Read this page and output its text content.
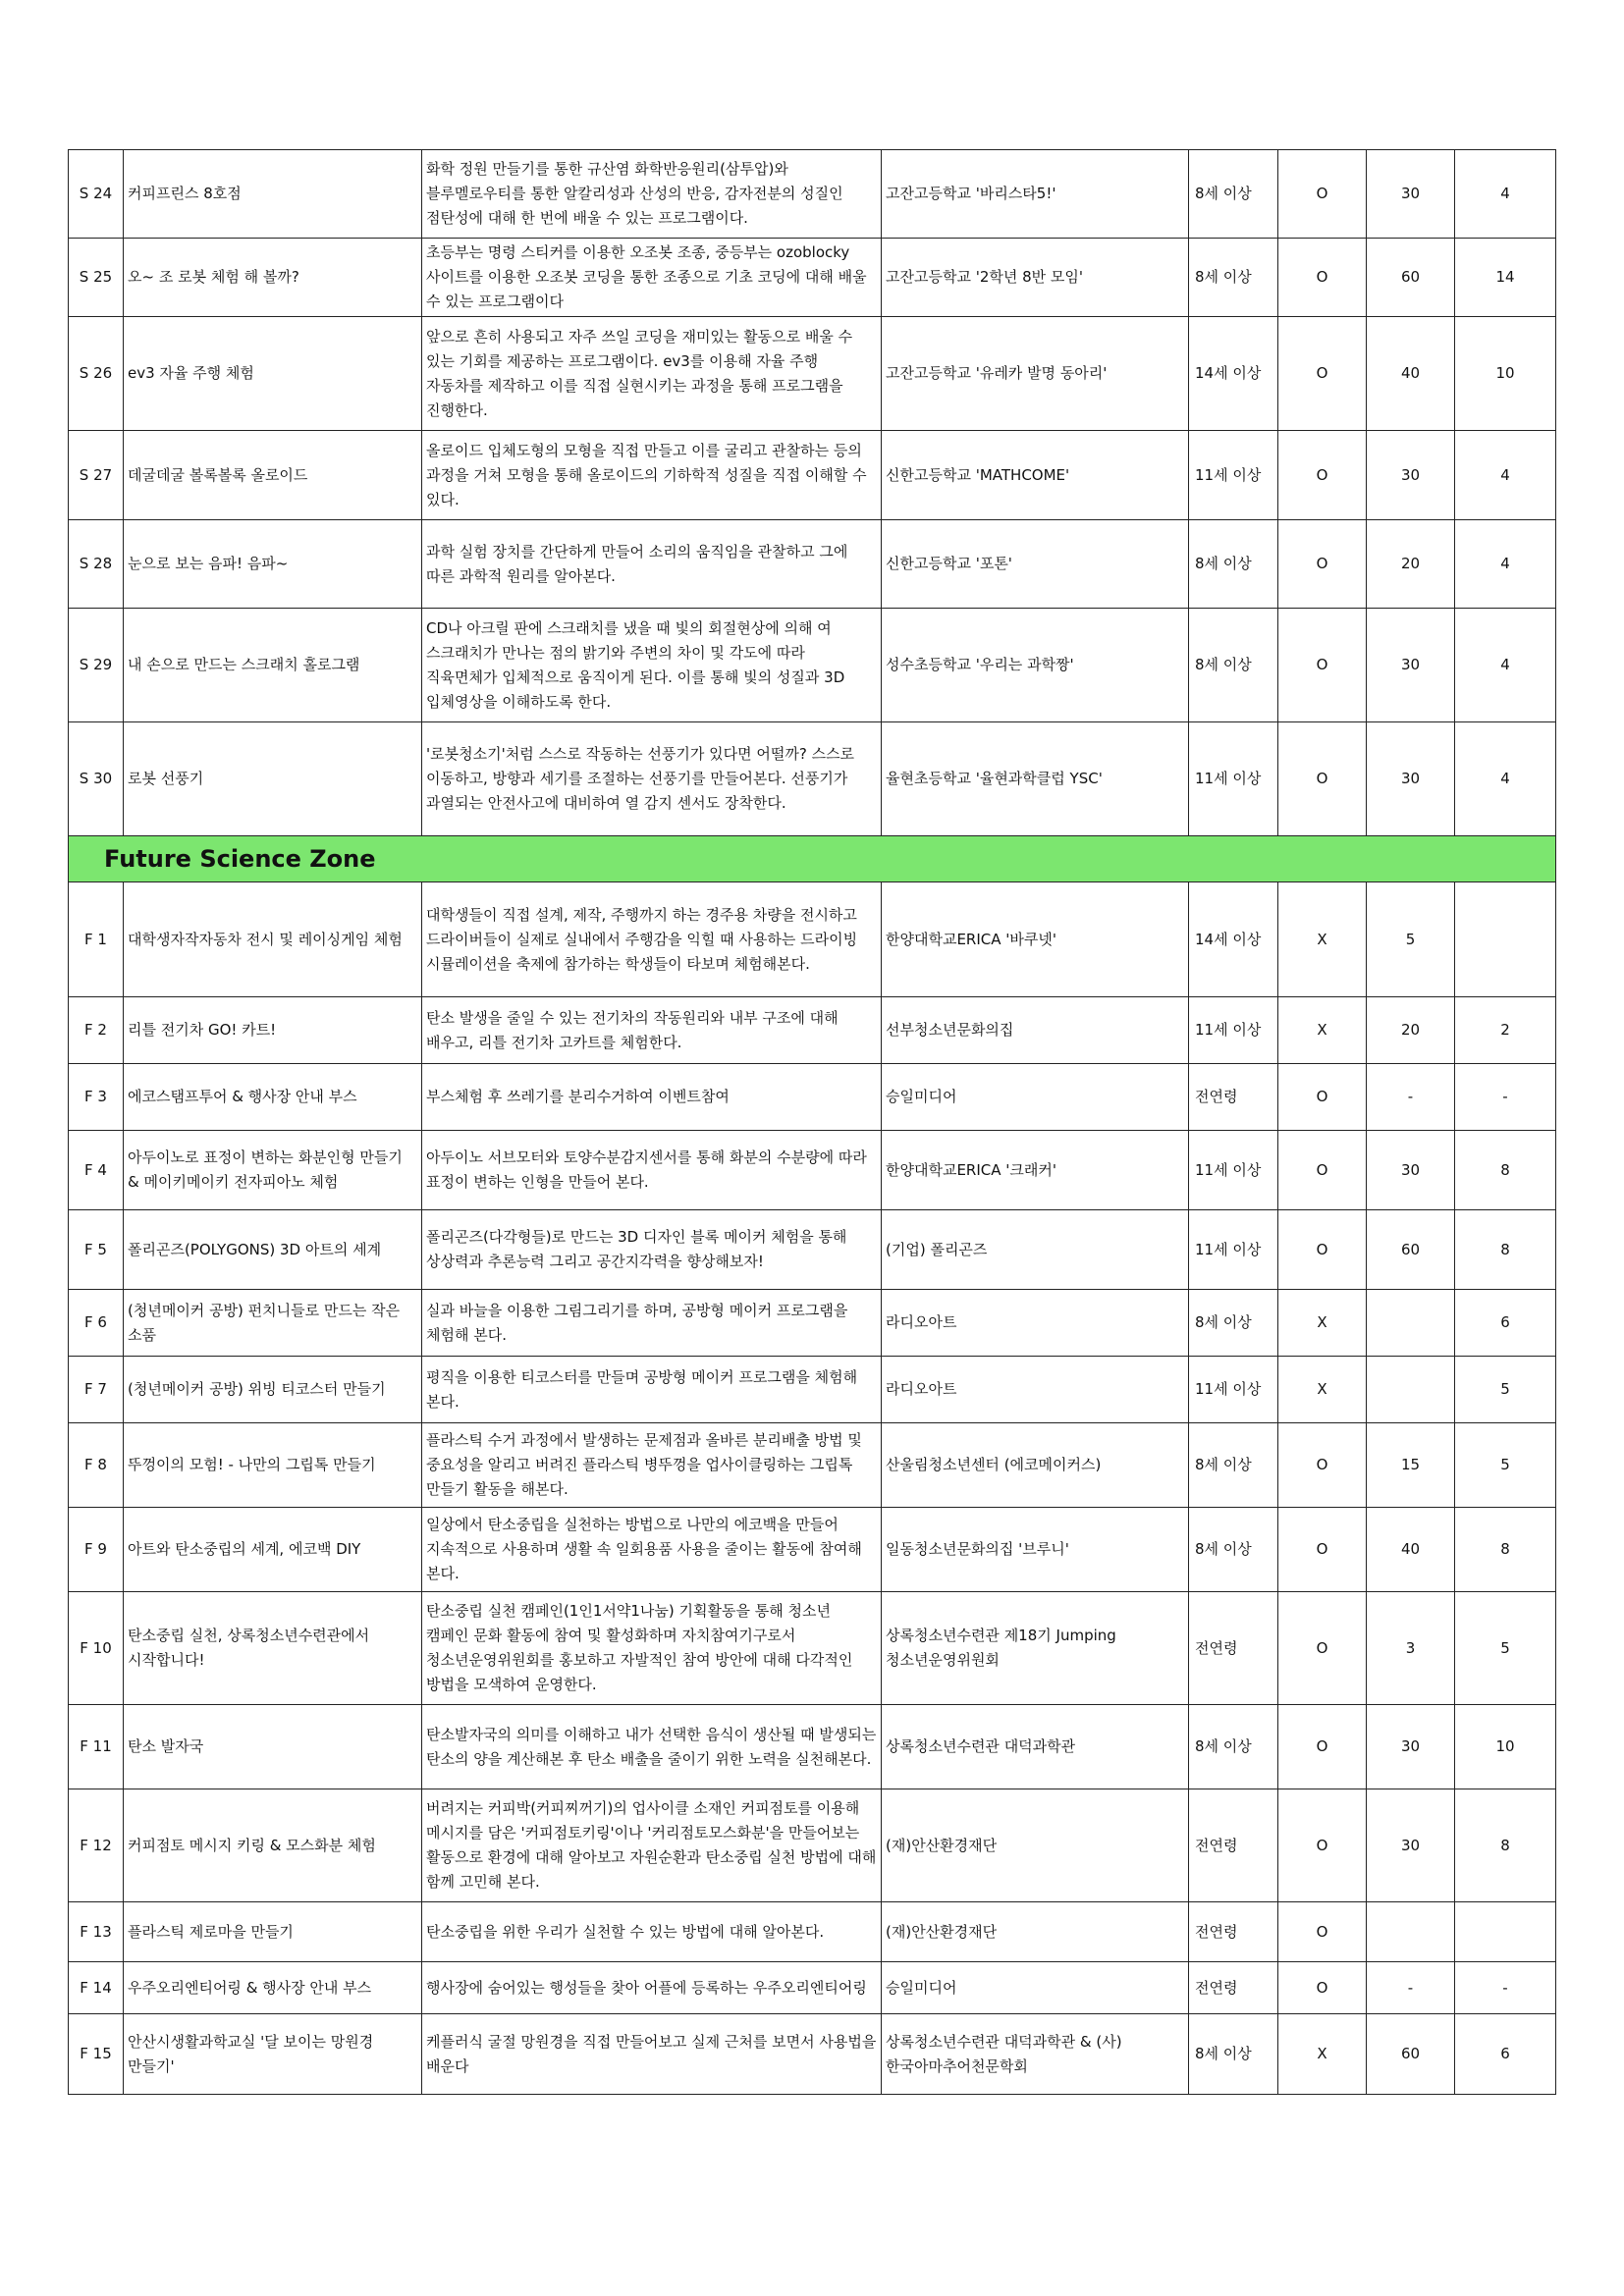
S 24	커피프린스 8호점	화학 정원 만들기를 통한 규산염 화학반응원리(삼투압)와 블루멜로우티를 통한 알칼리성과 산성의 반응, 감자전분의 성질인 점탄성에 대해 한 번에 배울 수 있는 프로그램이다.	고잔고등학교 '바리스타5!'	8세 이상	O	30	4
S 25	오~ 조 로봇 체험 해 볼까?	초등부는 명령 스티커를 이용한 오조봇 조종, 중등부는 ozoblocky 사이트를 이용한 오조봇 코딩을 통한 조종으로 기초 코딩에 대해 배울 수 있는 프로그램이다	고잔고등학교 '2학년 8반 모임'	8세 이상	O	60	14
S 26	ev3 자율 주행 체험	앞으로 흔히 사용되고 자주 쓰일 코딩을 재미있는 활동으로 배울 수 있는 기회를 제공하는 프로그램이다. ev3를 이용해 자율 주행 자동차를 제작하고 이를 직접 실현시키는 과정을 통해 프로그램을 진행한다.	고잔고등학교 '유레카 발명 동아리'	14세 이상	O	40	10
S 27	데굴데굴 볼록볼록 올로이드	올로이드 입체도형의 모형을 직접 만들고 이를 굴리고 관찰하는 등의 과정을 거쳐 모형을 통해 올로이드의 기하학적 성질을 직접 이해할 수 있다.	신한고등학교 'MATHCOME'	11세 이상	O	30	4
S 28	눈으로 보는 음파! 음파~	과학 실험 장치를 간단하게 만들어 소리의 움직임을 관찰하고 그에 따른 과학적 원리를 알아본다.	신한고등학교 '포톤'	8세 이상	O	20	4
S 29	내 손으로 만드는 스크래치 홀로그램	CD나 아크릴 판에 스크래치를 냈을 때 빛의 회절현상에 의해 여 스크래치가 만나는 점의 밝기와 주변의 차이 및 각도에 따라 직육면체가 입체적으로 움직이게 된다. 이를 통해 빛의 성질과 3D 입체영상을 이해하도록 한다.	성수초등학교 '우리는 과학짱'	8세 이상	O	30	4
S 30	로봇 선풍기	'로봇청소기'처럼 스스로 작동하는 선풍기가 있다면 어떨까? 스스로 이동하고, 방향과 세기를 조절하는 선풍기를 만들어본다. 선풍기가 과열되는 안전사고에 대비하여 열 감지 센서도 장착한다.	율현초등학교 '율현과학클럽 YSC'	11세 이상	O	30	4
Future Science Zone							
F 1	대학생자작자동차 전시 및 레이싱게임 체험	대학생들이 직접 설계, 제작, 주행까지 하는 경주용 차량을 전시하고 드라이버들이 실제로 실내에서 주행감을 익힐 때 사용하는 드라이빙 시뮬레이션을 축제에 참가하는 학생들이 타보며 체험해본다.	한양대학교ERICA '바쿠넷'	14세 이상	X	5	
F 2	리틀 전기차 GO! 카트!	탄소 발생을 줄일 수 있는 전기차의 작동원리와 내부 구조에 대해 배우고, 리틀 전기차 고카트를 체험한다.	선부청소년문화의집	11세 이상	X	20	2
F 3	에코스탬프투어 & 행사장 안내 부스	부스체험 후 쓰레기를 분리수거하여 이벤트참여	승일미디어	전연령	O	-	-
F 4	아두이노로 표정이 변하는 화분인형 만들기 & 메이키메이키 전자피아노 체험	아두이노 서브모터와 토양수분감지센서를 통해 화분의 수분량에 따라 표정이 변하는 인형을 만들어 본다.	한양대학교ERICA '크래커'	11세 이상	O	30	8
F 5	폴리곤즈(POLYGONS) 3D 아트의 세계	폴리곤즈(다각형들)로 만드는 3D 디자인 블록 메이커 체험을 통해 상상력과 추론능력 그리고 공간지각력을 향상해보자!	(기업) 폴리곤즈	11세 이상	O	60	8
F 6	(청년메이커 공방) 펀치니들로 만드는 작은 소품	실과 바늘을 이용한 그림그리기를 하며, 공방형 메이커 프로그램을 체험해 본다.	라디오아트	8세 이상	X		6
F 7	(청년메이커 공방) 위빙 티코스터 만들기	평직을 이용한 티코스터를 만들며 공방형 메이커 프로그램을 체험해 본다.	라디오아트	11세 이상	X		5
F 8	뚜껑이의 모험! - 나만의 그립톡 만들기	플라스틱 수거 과정에서 발생하는 문제점과 올바른 분리배출 방법 및 중요성을 알리고 버려진 플라스틱 병뚜껑을 업사이클링하는 그립톡 만들기 활동을 해본다.	산울림청소년센터 (에코메이커스)	8세 이상	O	15	5
F 9	아트와 탄소중립의 세계, 에코백 DIY	일상에서 탄소중립을 실천하는 방법으로 나만의 에코백을 만들어 지속적으로 사용하며 생활 속 일회용품 사용을 줄이는 활동에 참여해 본다.	일동청소년문화의집 '브루니'	8세 이상	O	40	8
F 10	탄소중립 실천, 상록청소년수련관에서 시작합니다!	탄소중립 실천 캠페인(1인1서약1나눔) 기획활동을 통해 청소년 캠페인 문화 활동에 참여 및 활성화하며 자치참여기구로서 청소년운영위원회를 홍보하고 자발적인 참여 방안에 대해 다각적인 방법을 모색하여 운영한다.	상록청소년수련관 제18기 Jumping 청소년운영위원회	전연령	O	3	5
F 11	탄소 발자국	탄소발자국의 의미를 이해하고 내가 선택한 음식이 생산될 때 발생되는 탄소의 양을 계산해본 후 탄소 배출을 줄이기 위한 노력을 실천해본다.	상록청소년수련관 대덕과학관	8세 이상	O	30	10
F 12	커피점토 메시지 키링 & 모스화분 체험	버려지는 커피박(커피찌꺼기)의 업사이클 소재인 커피점토를 이용해 메시지를 담은 '커피점토키링'이나 '커리점토모스화분'을 만들어보는 활동으로 환경에 대해 알아보고 자원순환과 탄소중립 실천 방법에 대해 함께 고민해 본다.	(재)안산환경재단	전연령	O	30	8
F 13	플라스틱 제로마을 만들기	탄소중립을 위한 우리가 실천할 수 있는 방법에 대해 알아본다.	(재)안산환경재단	전연령	O		
F 14	우주오리엔티어링 & 행사장 안내 부스	행사장에 숨어있는 행성들을 찾아 어플에 등록하는 우주오리엔티어링	승일미디어	전연령	O	-	-
F 15	안산시생활과학교실 '달 보이는 망원경 만들기'	케플러식 굴절 망원경을 직접 만들어보고 실제 근처를 보면서 사용법을 배운다	상록청소년수련관 대덕과학관 & (사)한국아마추어천문학회	8세 이상	X	60	6
